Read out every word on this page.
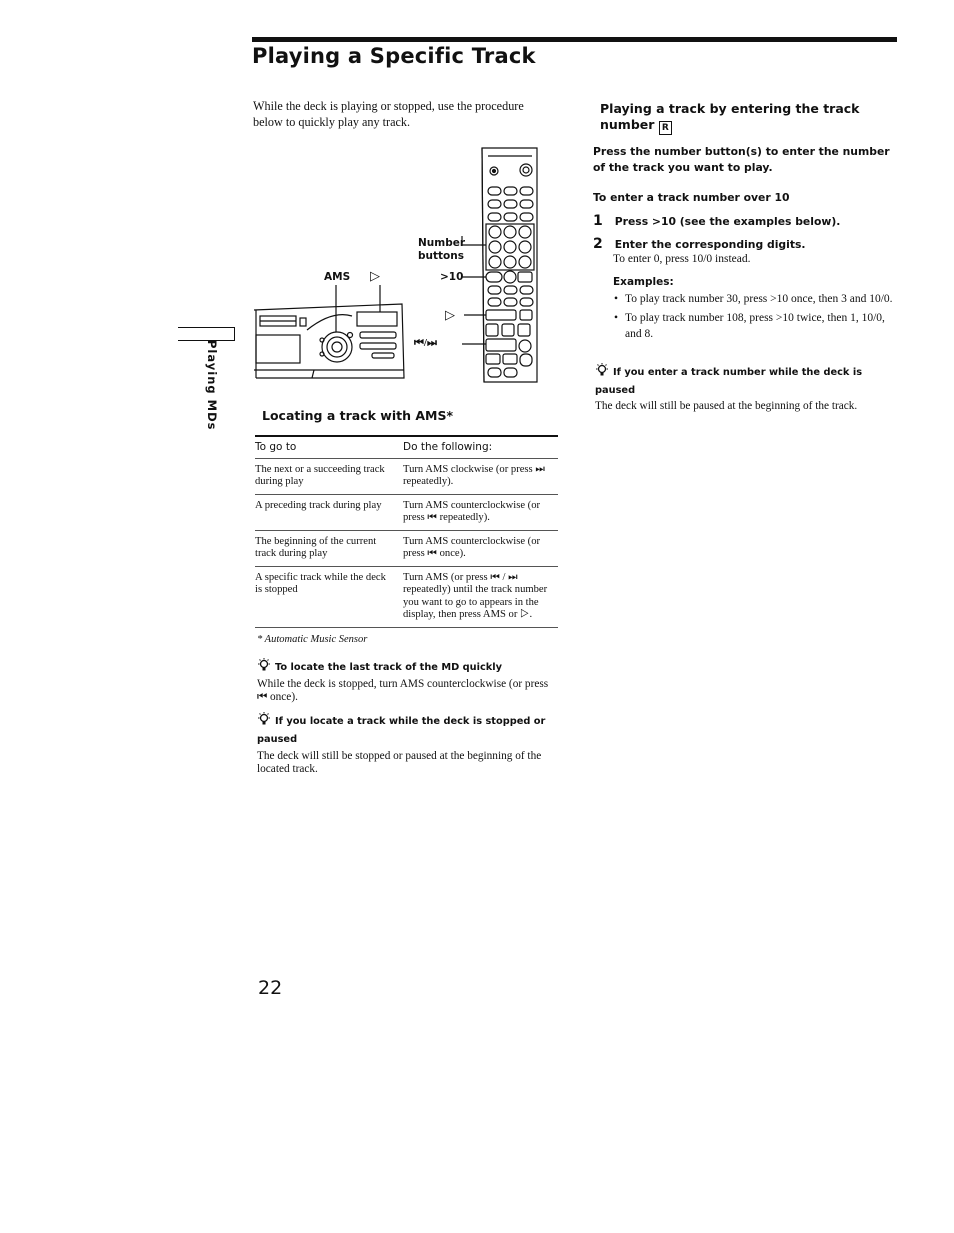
Playing a Specific Track
While the deck is playing or stopped, use the procedure below to quickly play any track.
Playing MDs
Number buttons
AMS ▷	>10
▷
⏮/⏭
Locating a track with AMS*
To go to	Do the following:
The next or a succeeding track during play	Turn AMS clockwise (or press ⏭ repeatedly).
A preceding track during play	Turn AMS counterclockwise (or press ⏮ repeatedly).
The beginning of the current track during play	Turn AMS counterclockwise (or press ⏮ once).
A specific track while the deck is stopped	Turn AMS (or press ⏮ / ⏭ repeatedly) until the track number you want to go to appears in the display, then press AMS or ▷.
* Automatic Music Sensor
To locate the last track of the MD quickly
While the deck is stopped, turn AMS counterclockwise (or press ⏮ once).
If you locate a track while the deck is stopped or paused
The deck will still be stopped or paused at the beginning of the located track.
Playing a track by entering the track number R
Press the number button(s) to enter the number of the track you want to play.
To enter a track number over 10
1 Press >10 (see the examples below).
2 Enter the corresponding digits.
To enter 0, press 10/0 instead.
Examples:
• To play track number 30, press >10 once, then 3 and 10/0.
• To play track number 108, press >10 twice, then 1, 10/0, and 8.
If you enter a track number while the deck is paused
The deck will still be paused at the beginning of the track.
22
